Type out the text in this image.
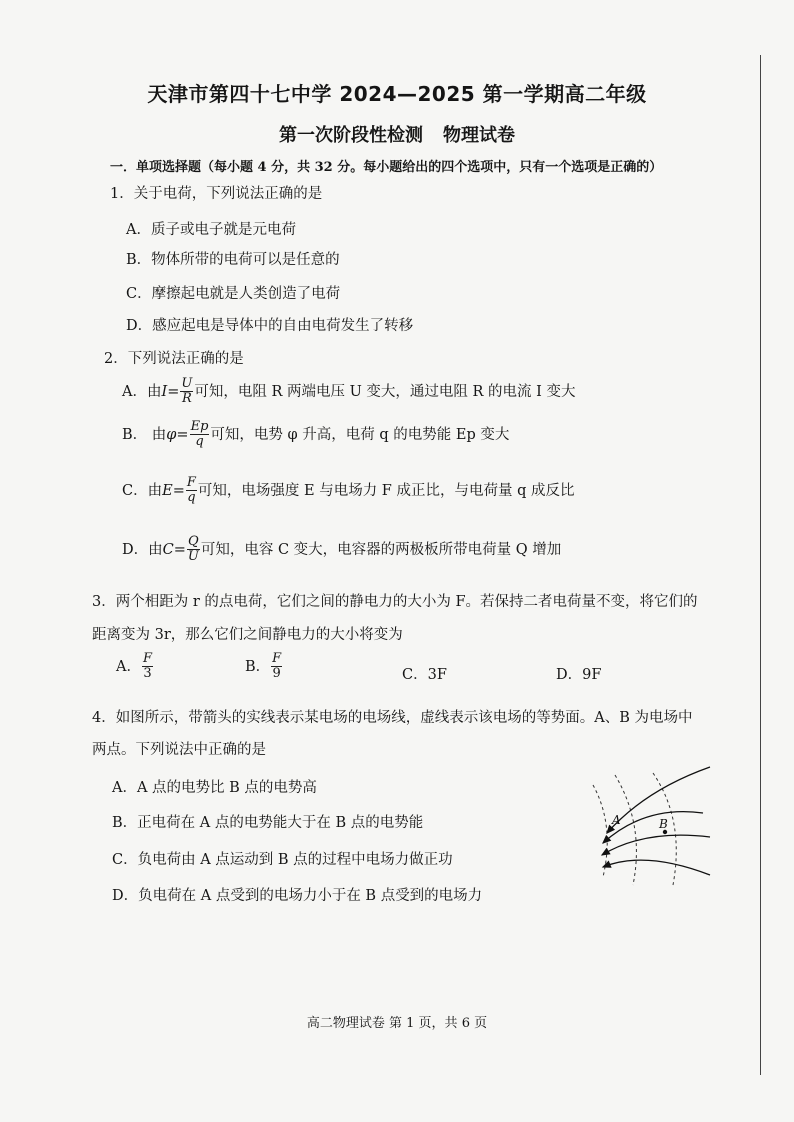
天津市第四十七中学 2024—2025 第一学期高二年级
第一次阶段性检测 物理试卷
一．单项选择题（每小题 4 分，共 32 分。每小题给出的四个选项中，只有一个选项是正确的）
1．关于电荷，下列说法正确的是
A．质子或电子就是元电荷
B．物体所带的电荷可以是任意的
C．摩擦起电就是人类创造了电荷
D．感应起电是导体中的自由电荷发生了转移
2．下列说法正确的是
A．由$I= \frac{U}{R}$ 可知，电阻 R 两端电压 U 变大，通过电阻 R 的电流 I 变大
B． 由$\varphi= \frac{Ep}{q}$ 可知，电势 φ 升高，电荷 q 的电势能 Ep 变大
C．由$E= \frac{F}{q}$ 可知，电场强度 E 与电场力 F 成正比，与电荷量 q 成反比
D．由$C= \frac{Q}{U}$ 可知，电容 C 变大，电容器的两极板所带电荷量 Q 增加
3．两个相距为 r 的点电荷，它们之间的静电力的大小为 F。若保持二者电荷量不变，将它们的
距离变为 3r，那么它们之间静电力的大小将变为
A． $\frac{F}{3}$	B． $\frac{F}{9}$	C．3F	D．9F
4．如图所示，带箭头的实线表示某电场的电场线，虚线表示该电场的等势面。A、B 为电场中
两点。下列说法中正确的是
A．A 点的电势比 B 点的电势高
B．正电荷在 A 点的电势能大于在 B 点的电势能
C．负电荷由 A 点运动到 B 点的过程中电场力做正功
D．负电荷在 A 点受到的电场力小于在 B 点受到的电场力
A	B
高二物理试卷 第 1 页，共 6 页
